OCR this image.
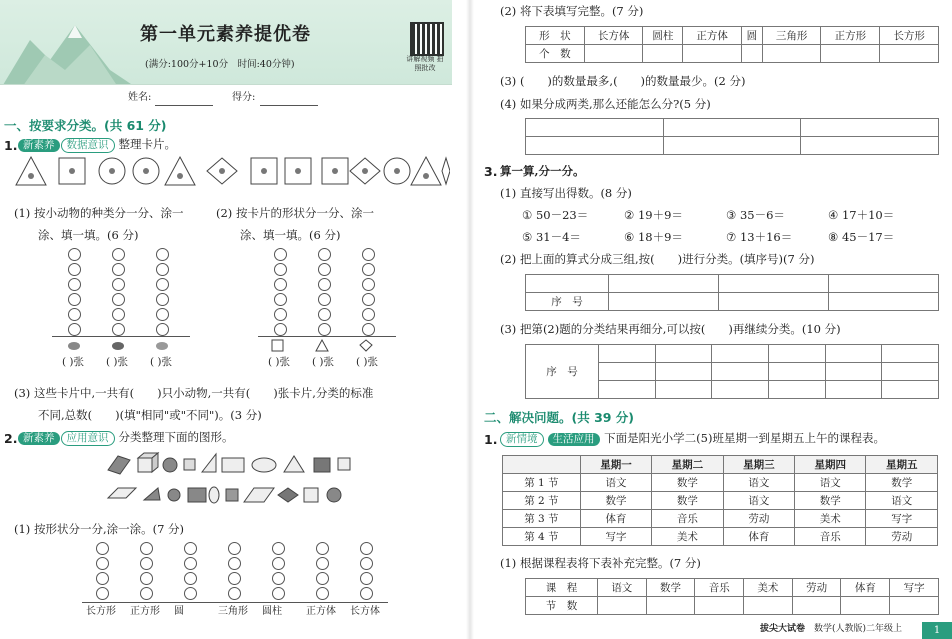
第一单元素养提优卷
(满分:100分+10分　时间:40分钟)	讲解视频 拍照批改
姓名:	得分:
一、按要求分类。(共 61 分)
1. 新素养 数据意识 整理卡片。
(1) 按小动物的种类分一分、涂一
涂、填一填。(6 分)
(2) 按卡片的形状分一分、涂一
涂、填一填。(6 分)
( )张 ( )张 ( )张	( )张 ( )张 ( )张
(3) 这些卡片中,一共有(　　)只小动物,一共有(　　)张卡片,分类的标准
不同,总数(　　)(填"相同"或"不同")。(3 分)
2. 新素养 应用意识 分类整理下面的图形。
(1) 按形状分一分,涂一涂。(7 分)
长方形 正方形 圆	三角形 圆柱 正方体 长方体
(2) 将下表填写完整。(7 分)
形　状	长方体	圆柱	正方体	圆	三角形	正方形	长方形
个　数							
(3) (　　)的数量最多,(　　)的数量最少。(2 分)
(4) 如果分成两类,那么还能怎么分?(5 分)

3. 算一算,分一分。
(1) 直接写出得数。(8 分)
① 50－23＝	② 19＋9＝	③ 35－6＝	④ 17＋10＝
⑤ 31－4＝	⑥ 18＋9＝	⑦ 13＋16＝	⑧ 45－17＝
(2) 把上面的算式分成三组,按(　　)进行分类。(填序号)(7 分)

序　号			
(3) 把第(2)题的分类结果再细分,可以按(　　)再继续分类。(10 分)
序　号						

二、解决问题。(共 39 分)
1. 新情境 生活应用 下面是阳光小学二(5)班星期一到星期五上午的课程表。
	星期一	星期二	星期三	星期四	星期五
第 1 节	语文	数学	语文	语文	数学
第 2 节	数学	数学	语文	数学	语文
第 3 节	体育	音乐	劳动	美术	写字
第 4 节	写字	美术	体育	音乐	劳动
(1) 根据课程表将下表补充完整。(7 分)
课　程	语文	数学	音乐	美术	劳动	体育	写字
节　数							
拔尖大试卷　 数学(人教版)二年级上	1
